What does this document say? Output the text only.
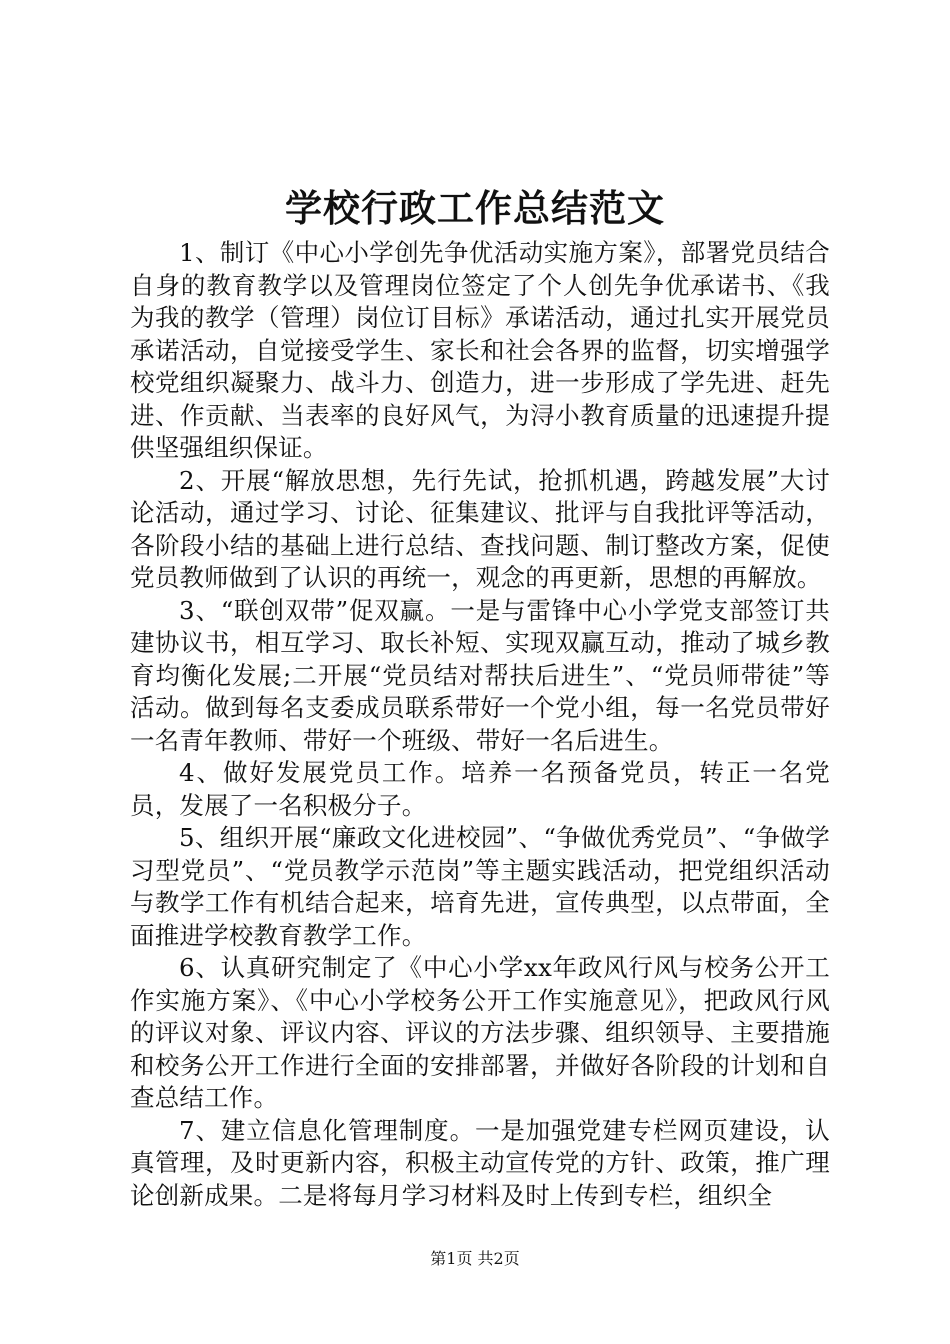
学校行政工作总结范文

1、制订《中心小学创先争优活动实施方案》，部署党员结合自身的教育教学以及管理岗位签定了个人创先争优承诺书、《我为我的教学（管理）岗位订目标》承诺活动，通过扎实开展党员承诺活动，自觉接受学生、家长和社会各界的监督，切实增强学校党组织凝聚力、战斗力、创造力，进一步形成了学先进、赶先进、作贡献、当表率的良好风气，为浔小教育质量的迅速提升提供坚强组织保证。

2、开展“解放思想，先行先试，抢抓机遇，跨越发展”大讨论活动，通过学习、讨论、征集建议、批评与自我批评等活动，各阶段小结的基础上进行总结、查找问题、制订整改方案，促使党员教师做到了认识的再统一，观念的再更新，思想的再解放。

3、“联创双带”促双赢。一是与雷锋中心小学党支部签订共建协议书，相互学习、取长补短、实现双赢互动，推动了城乡教育均衡化发展;二开展“党员结对帮扶后进生”、“党员师带徒”等活动。做到每名支委成员联系带好一个党小组，每一名党员带好一名青年教师、带好一个班级、带好一名后进生。

4、做好发展党员工作。培养一名预备党员，转正一名党员，发展了一名积极分子。

5、组织开展“廉政文化进校园”、“争做优秀党员”、“争做学习型党员”、“党员教学示范岗”等主题实践活动，把党组织活动与教学工作有机结合起来，培育先进，宣传典型，以点带面，全面推进学校教育教学工作。

6、认真研究制定了《中心小学xx年政风行风与校务公开工作实施方案》、《中心小学校务公开工作实施意见》，把政风行风的评议对象、评议内容、评议的方法步骤、组织领导、主要措施和校务公开工作进行全面的安排部署，并做好各阶段的计划和自查总结工作。

7、建立信息化管理制度。一是加强党建专栏网页建设，认真管理，及时更新内容，积极主动宣传党的方针、政策，推广理论创新成果。二是将每月学习材料及时上传到专栏，组织全

第1页 共2页
